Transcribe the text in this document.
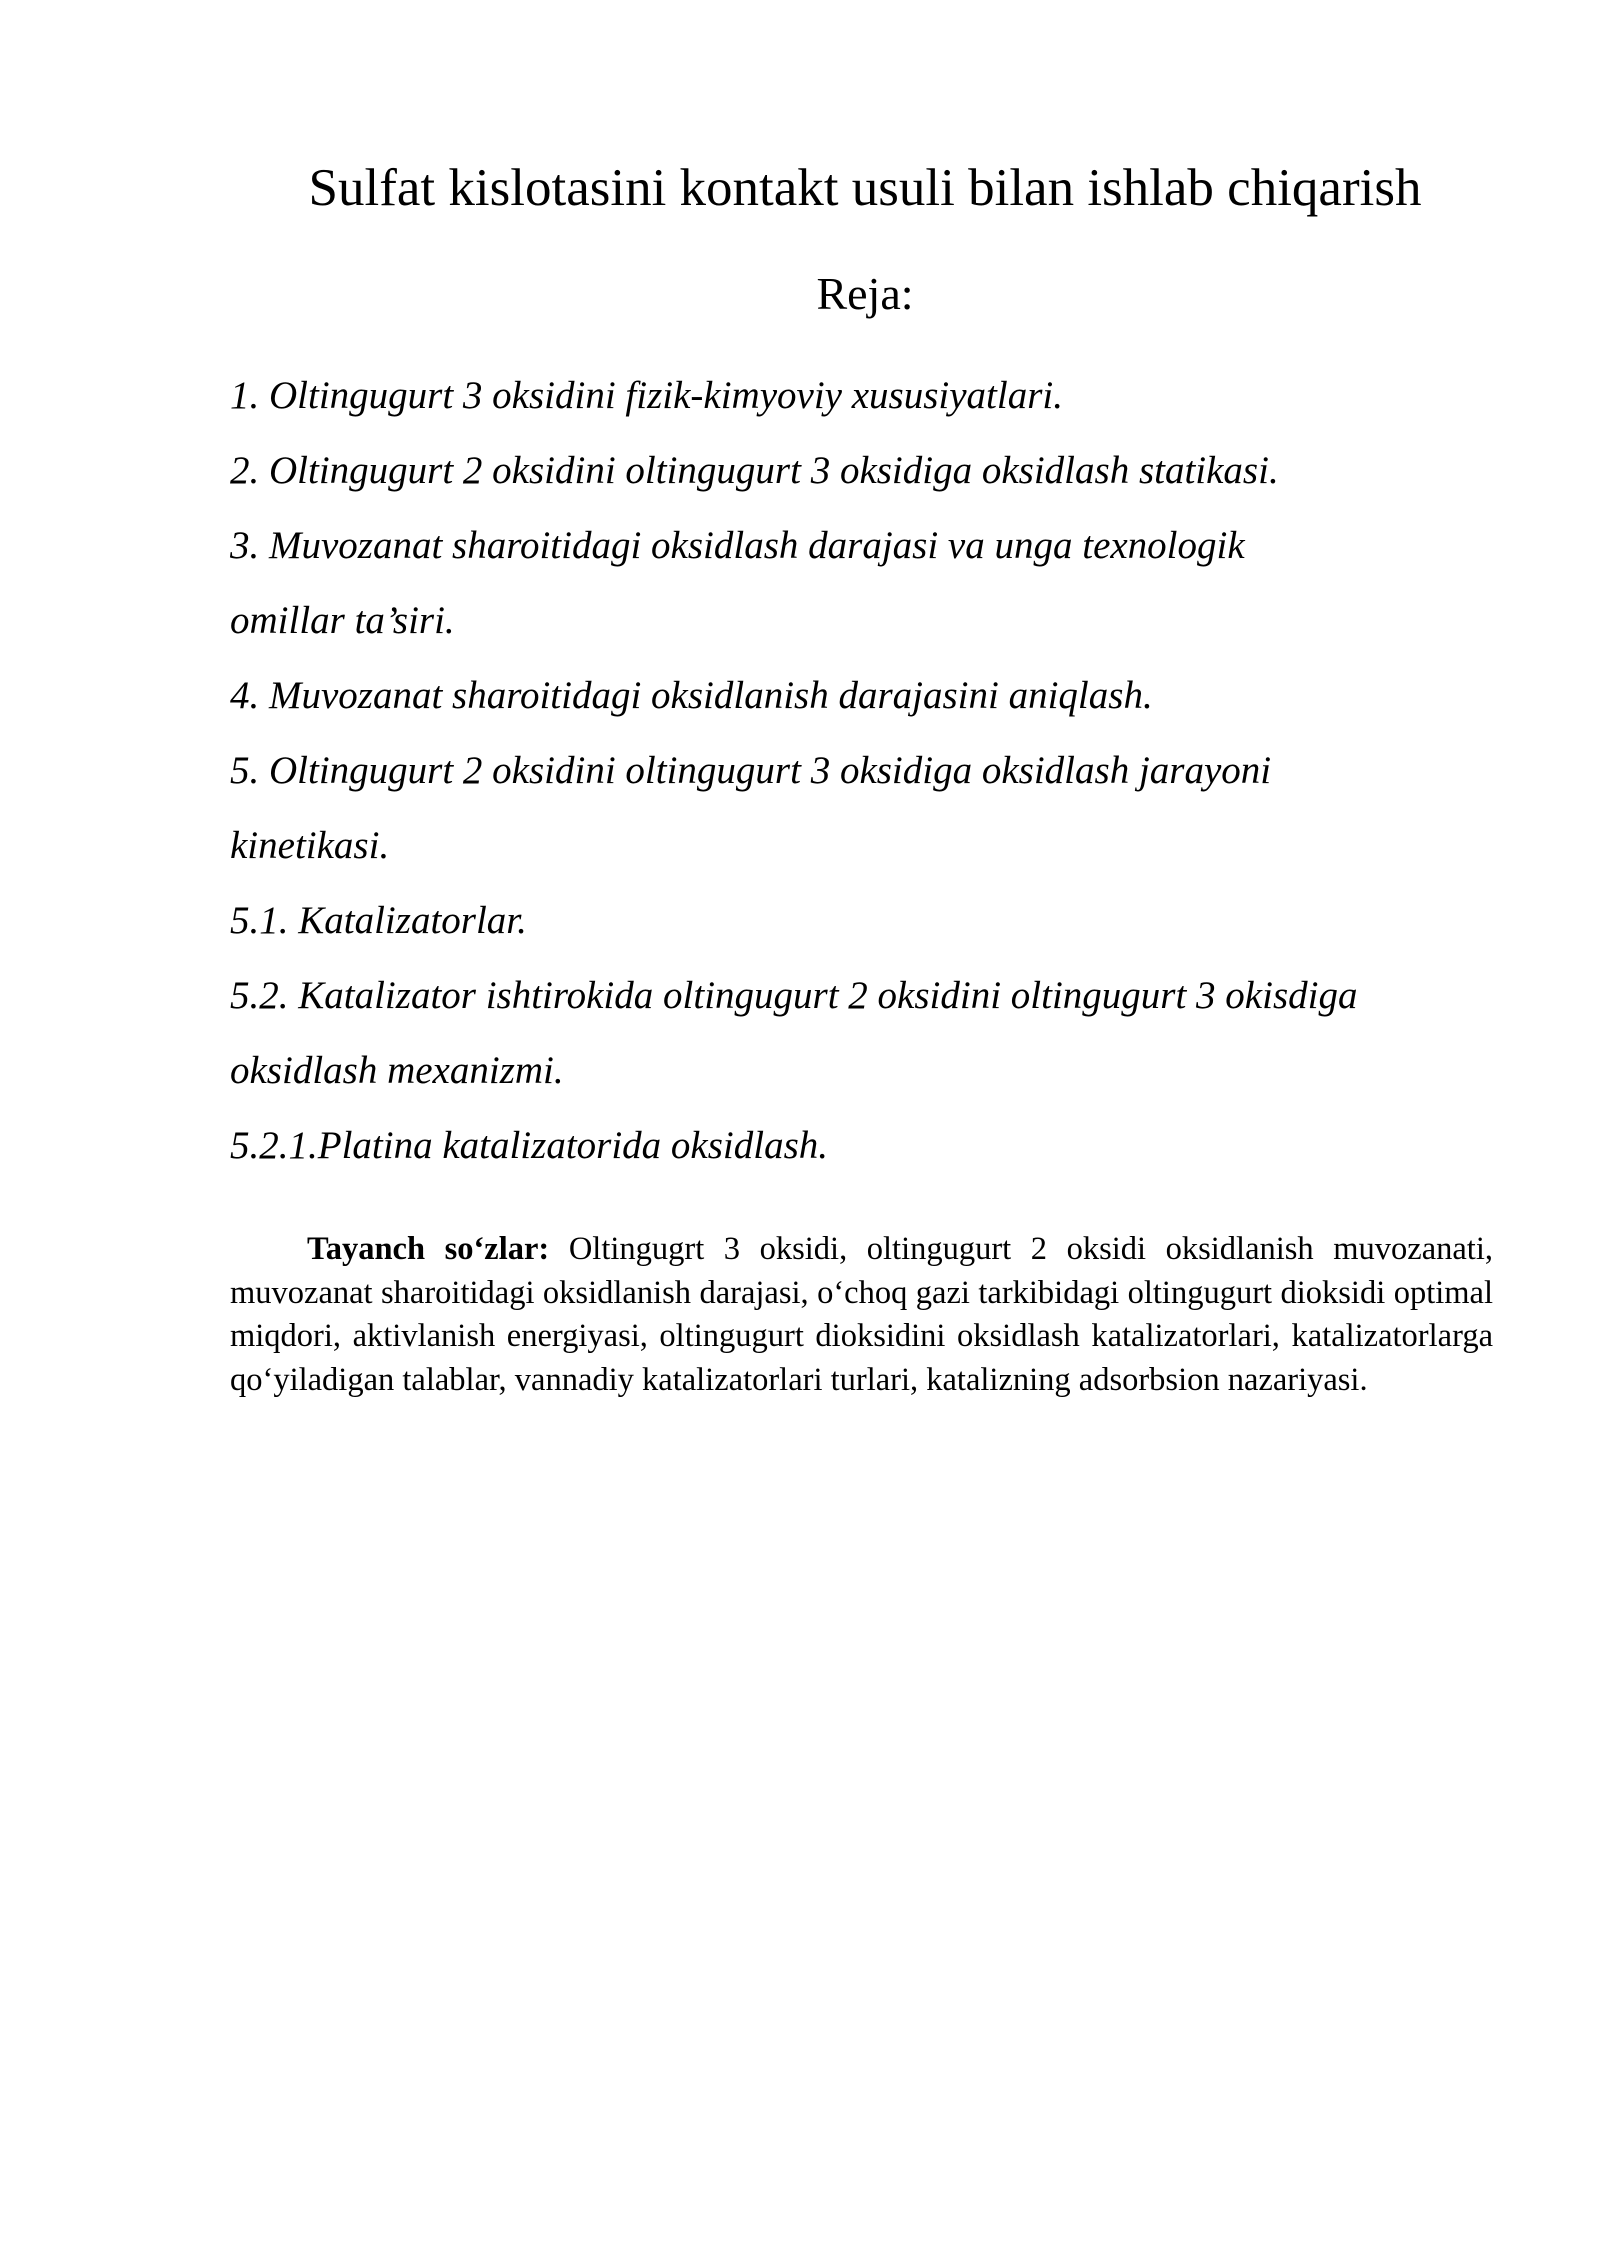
Sulfat kislotasini kontakt usuli bilan ishlab chiqarish
Reja:
1. Oltingugurt 3 oksidini fizik-kimyoviy xususiyatlari.
2. Oltingugurt 2 oksidini oltingugurt 3 oksidiga oksidlash statikasi.
3. Muvozanat sharoitidagi oksidlash darajasi va unga texnologik
omillar ta’siri.
4. Muvozanat sharoitidagi oksidlanish darajasini aniqlash.
5. Oltingugurt 2 oksidini oltingugurt 3 oksidiga oksidlash jarayoni
kinetikasi.
5.1. Katalizatorlar.
5.2. Katalizator ishtirokida oltingugurt 2 oksidini oltingugurt 3 okisdiga
oksidlash mexanizmi.
5.2.1.Platina katalizatorida oksidlash.

Tayanch so‘zlar: Oltingugrt 3 oksidi, oltingugurt 2 oksidi oksidlanish muvozanati, muvozanat sharoitidagi oksidlanish darajasi, o‘choq gazi tarkibidagi oltingugurt dioksidi optimal miqdori, aktivlanish energiyasi, oltingugurt dioksidini oksidlash katalizatorlari, katalizatorlarga qo‘yiladigan talablar, vannadiy katalizatorlari turlari, katalizning adsorbsion nazariyasi.
